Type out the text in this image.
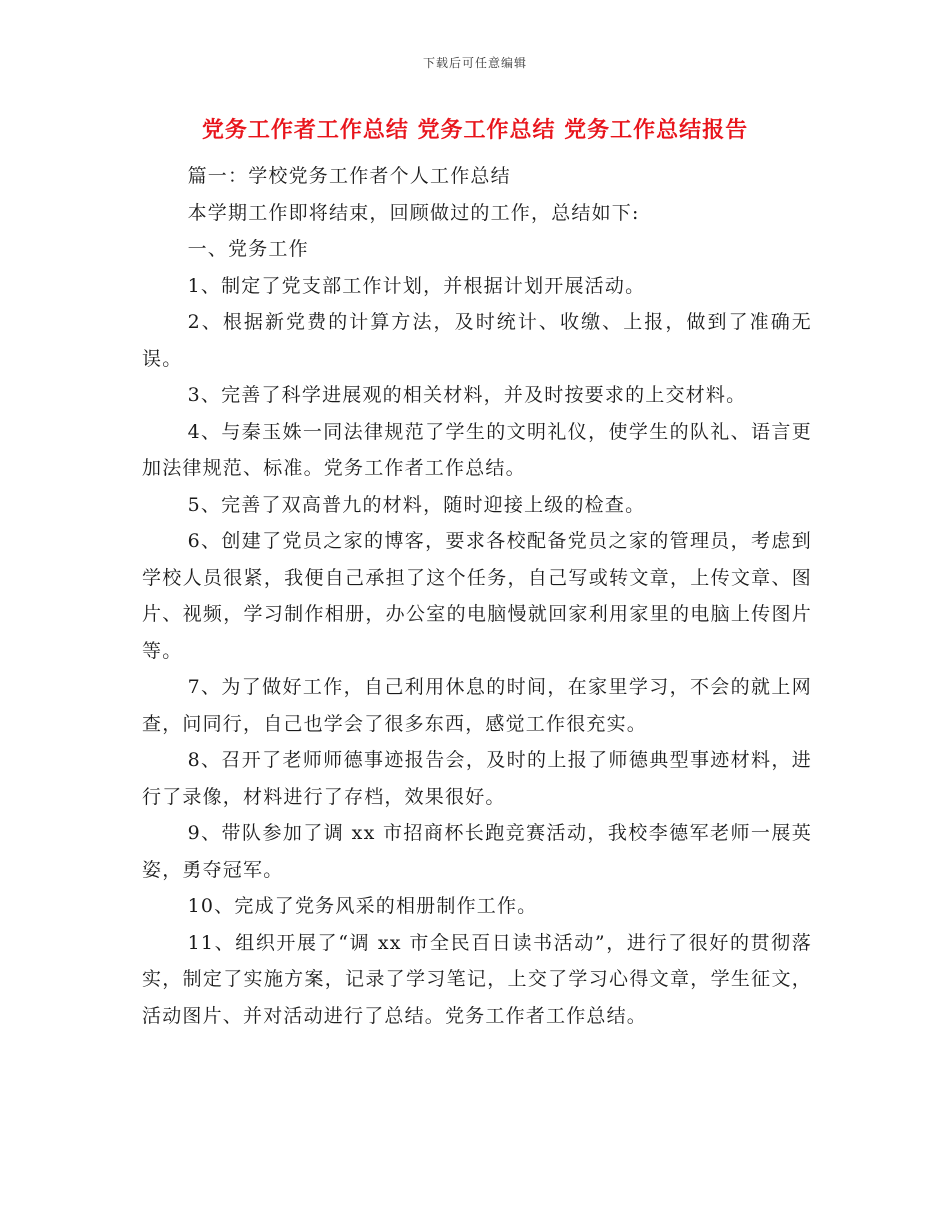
下载后可任意编辑
党务工作者工作总结 党务工作总结 党务工作总结报告

篇一：学校党务工作者个人工作总结

本学期工作即将结束，回顾做过的工作，总结如下:

一、党务工作

1、制定了党支部工作计划，并根据计划开展活动。

2、根据新党费的计算方法，及时统计、收缴、上报，做到了准确无误。

3、完善了科学进展观的相关材料，并及时按要求的上交材料。

4、与秦玉姝一同法律规范了学生的文明礼仪，使学生的队礼、语言更加法律规范、标准。党务工作者工作总结。

5、完善了双高普九的材料，随时迎接上级的检查。

6、创建了党员之家的博客，要求各校配备党员之家的管理员，考虑到学校人员很紧，我便自己承担了这个任务，自己写或转文章，上传文章、图片、视频，学习制作相册，办公室的电脑慢就回家利用家里的电脑上传图片等。

7、为了做好工作，自己利用休息的时间，在家里学习，不会的就上网查，问同行，自己也学会了很多东西，感觉工作很充实。

8、召开了老师师德事迹报告会，及时的上报了师德典型事迹材料，进行了录像，材料进行了存档，效果很好。

9、带队参加了调 xx 市招商杯长跑竞赛活动，我校李德军老师一展英姿，勇夺冠军。

10、完成了党务风采的相册制作工作。

11、组织开展了“调 xx 市全民百日读书活动”，进行了很好的贯彻落实，制定了实施方案，记录了学习笔记，上交了学习心得文章，学生征文，活动图片、并对活动进行了总结。党务工作者工作总结。
